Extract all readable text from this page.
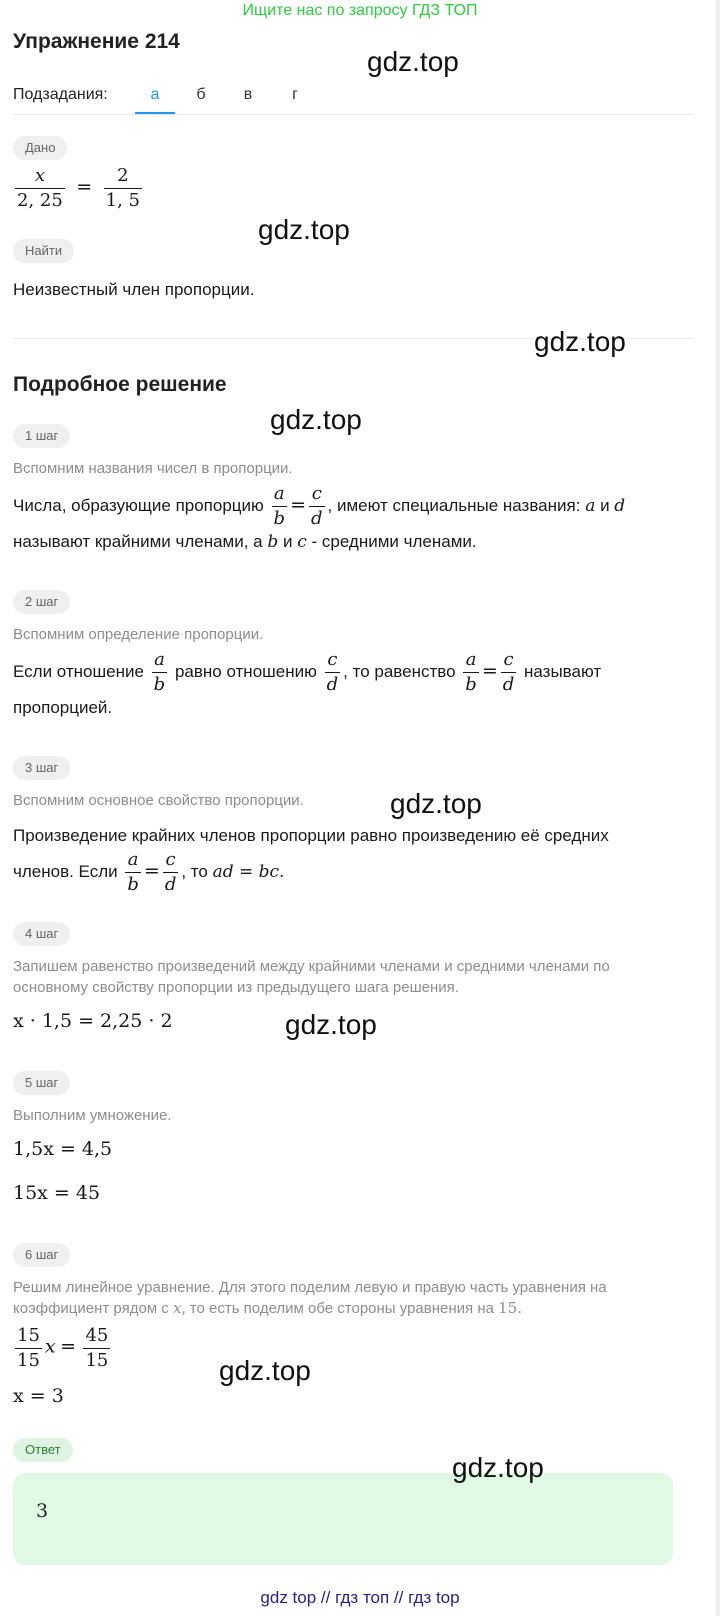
Ищите нас по запросу ГДЗ ТОП
Упражнение 214
gdz.top
Подзадания:	а	б	в	г
Дано
$\frac{x}{2, 25} = \frac{2}{1, 5}$
gdz.top
Найти
Неизвестный член пропорции.
gdz.top
Подробное решение
gdz.top
1 шаг
Вспомним названия чисел в пропорции.
Числа, образующие пропорцию $\frac{a}{b} = \frac{c}{d}$ , имеют специальные названия: a и d
называют крайними членами, а b и c - средними членами.
2 шаг
Вспомним определение пропорции.
Если отношение $\frac{a}{b}$ равно отношению $\frac{c}{d}$ , то равенство $\frac{a}{b} = \frac{c}{d}$ называют
пропорцией.
3 шаг
Вспомним основное свойство пропорции.	gdz.top
Произведение крайних членов пропорции равно произведению её средних
членов. Если $\frac{a}{b} = \frac{c}{d}$ , то ad = bc.
4 шаг
Запишем равенство произведений между крайними членами и средними членами по
основному свойству пропорции из предыдущего шага решения.
x · 1,5 = 2,25 · 2	gdz.top
5 шаг
Выполним умножение.
1,5x = 4,5
15x = 45
6 шаг
Решим линейное уравнение. Для этого поделим левую и правую часть уравнения на
коэффициент рядом с x, то есть поделим обе стороны уравнения на 15.
$\frac{15}{15}$ $x = \frac{45}{15}$	gdz.top
x = 3
Ответ
3
gdz.top
gdz top // гдз топ // гдз top
